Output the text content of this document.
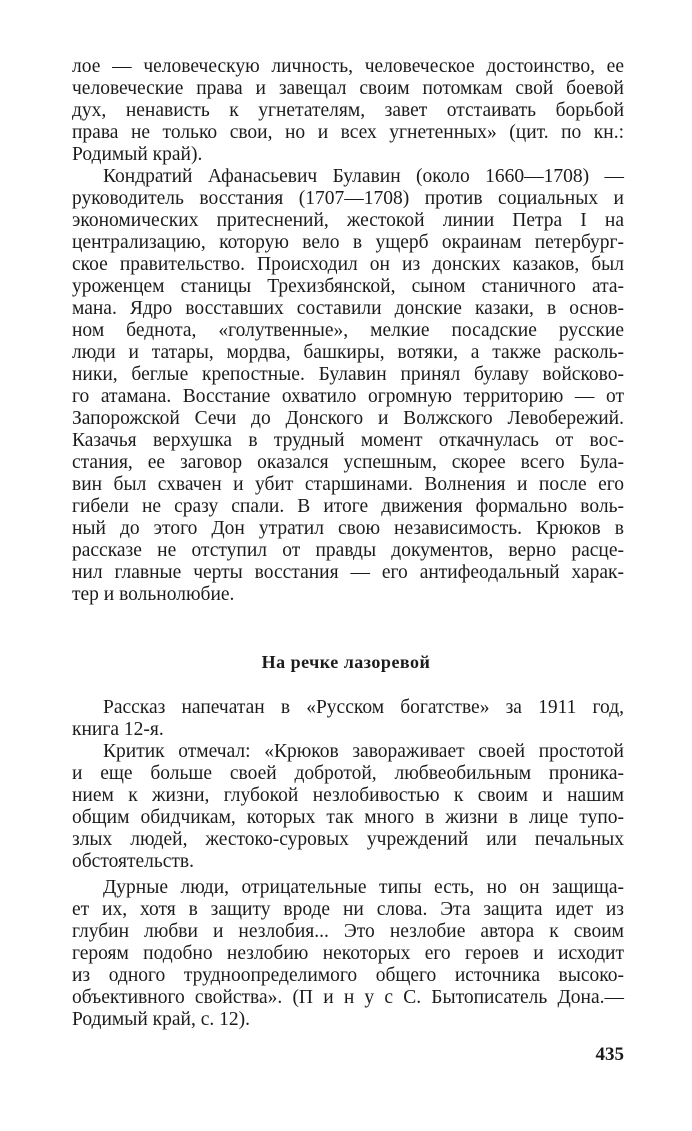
лое — человеческую личность, человеческое достоинство, ее
человеческие права и завещал своим потомкам свой боевой
дух, ненависть к угнетателям, завет отстаивать борьбой
права не только свои, но и всех угнетенных» (цит. по кн.:
Родимый край).
Кондратий Афанасьевич Булавин (около 1660—1708) —
руководитель восстания (1707—1708) против социальных и
экономических притеснений, жестокой линии Петра I на
централизацию, которую вело в ущерб окраинам петербург-
ское правительство. Происходил он из донских казаков, был
уроженцем станицы Трехизбянской, сыном станичного ата-
мана. Ядро восставших составили донские казаки, в основ-
ном беднота, «голутвенные», мелкие посадские русские
люди и татары, мордва, башкиры, вотяки, а также расколь-
ники, беглые крепостные. Булавин принял булаву войсково-
го атамана. Восстание охватило огромную территорию — от
Запорожской Сечи до Донского и Волжского Левобережий.
Казачья верхушка в трудный момент откачнулась от вос-
стания, ее заговор оказался успешным, скорее всего Була-
вин был схвачен и убит старшинами. Волнения и после его
гибели не сразу спали. В итоге движения формально воль-
ный до этого Дон утратил свою независимость. Крюков в
рассказе не отступил от правды документов, верно расце-
нил главные черты восстания — его антифеодальный харак-
тер и вольнолюбие.
На речке лазоревой
Рассказ напечатан в «Русском богатстве» за 1911 год,
книга 12-я.
Критик отмечал: «Крюков завораживает своей простотой
и еще больше своей добротой, любвеобильным проника-
нием к жизни, глубокой незлобивостью к своим и нашим
общим обидчикам, которых так много в жизни в лице тупо-
злых людей, жестоко-суровых учреждений или печальных
обстоятельств.
Дурные люди, отрицательные типы есть, но он защища-
ет их, хотя в защиту вроде ни слова. Эта защита идет из
глубин любви и незлобия... Это незлобие автора к своим
героям подобно незлобию некоторых его героев и исходит
из одного трудноопределимого общего источника высоко-
объективного свойства». (П и н у с С. Бытописатель Дона.—
Родимый край, с. 12).
435
